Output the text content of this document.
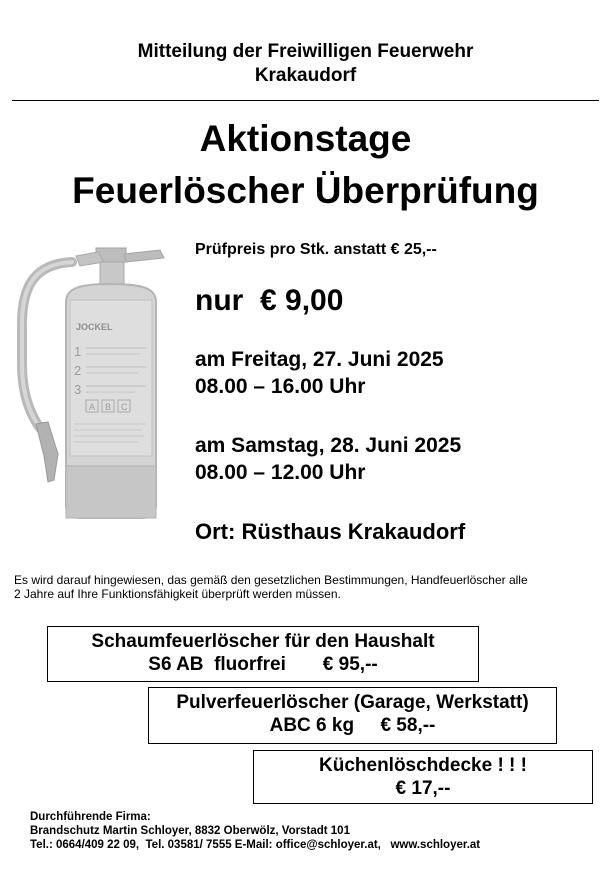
Mitteilung der Freiwilligen Feuerwehr
Krakaudorf
Aktionstage
Feuerlöscher Überprüfung
JOCKEL
1
2
3
A B C
Prüfpreis pro Stk. anstatt € 25,--
nur  € 9,00
am Freitag, 27. Juni 2025
08.00 – 16.00 Uhr
am Samstag, 28. Juni 2025
08.00 – 12.00 Uhr
Ort: Rüsthaus Krakaudorf
Es wird darauf hingewiesen, das gemäß den gesetzlichen Bestimmungen, Handfeuerlöscher alle
2 Jahre auf Ihre Funktionsfähigkeit überprüft werden müssen.
Schaumfeuerlöscher für den Haushalt
S6 AB  fluorfrei       € 95,--
Pulverfeuerlöscher (Garage, Werkstatt)
ABC 6 kg     € 58,--
Küchenlöschdecke ! ! !
€ 17,--
Durchführende Firma:
Brandschutz Martin Schloyer, 8832 Oberwölz, Vorstadt 101
Tel.: 0664/409 22 09,  Tel. 03581/ 7555 E-Mail: office@schloyer.at,   www.schloyer.at
